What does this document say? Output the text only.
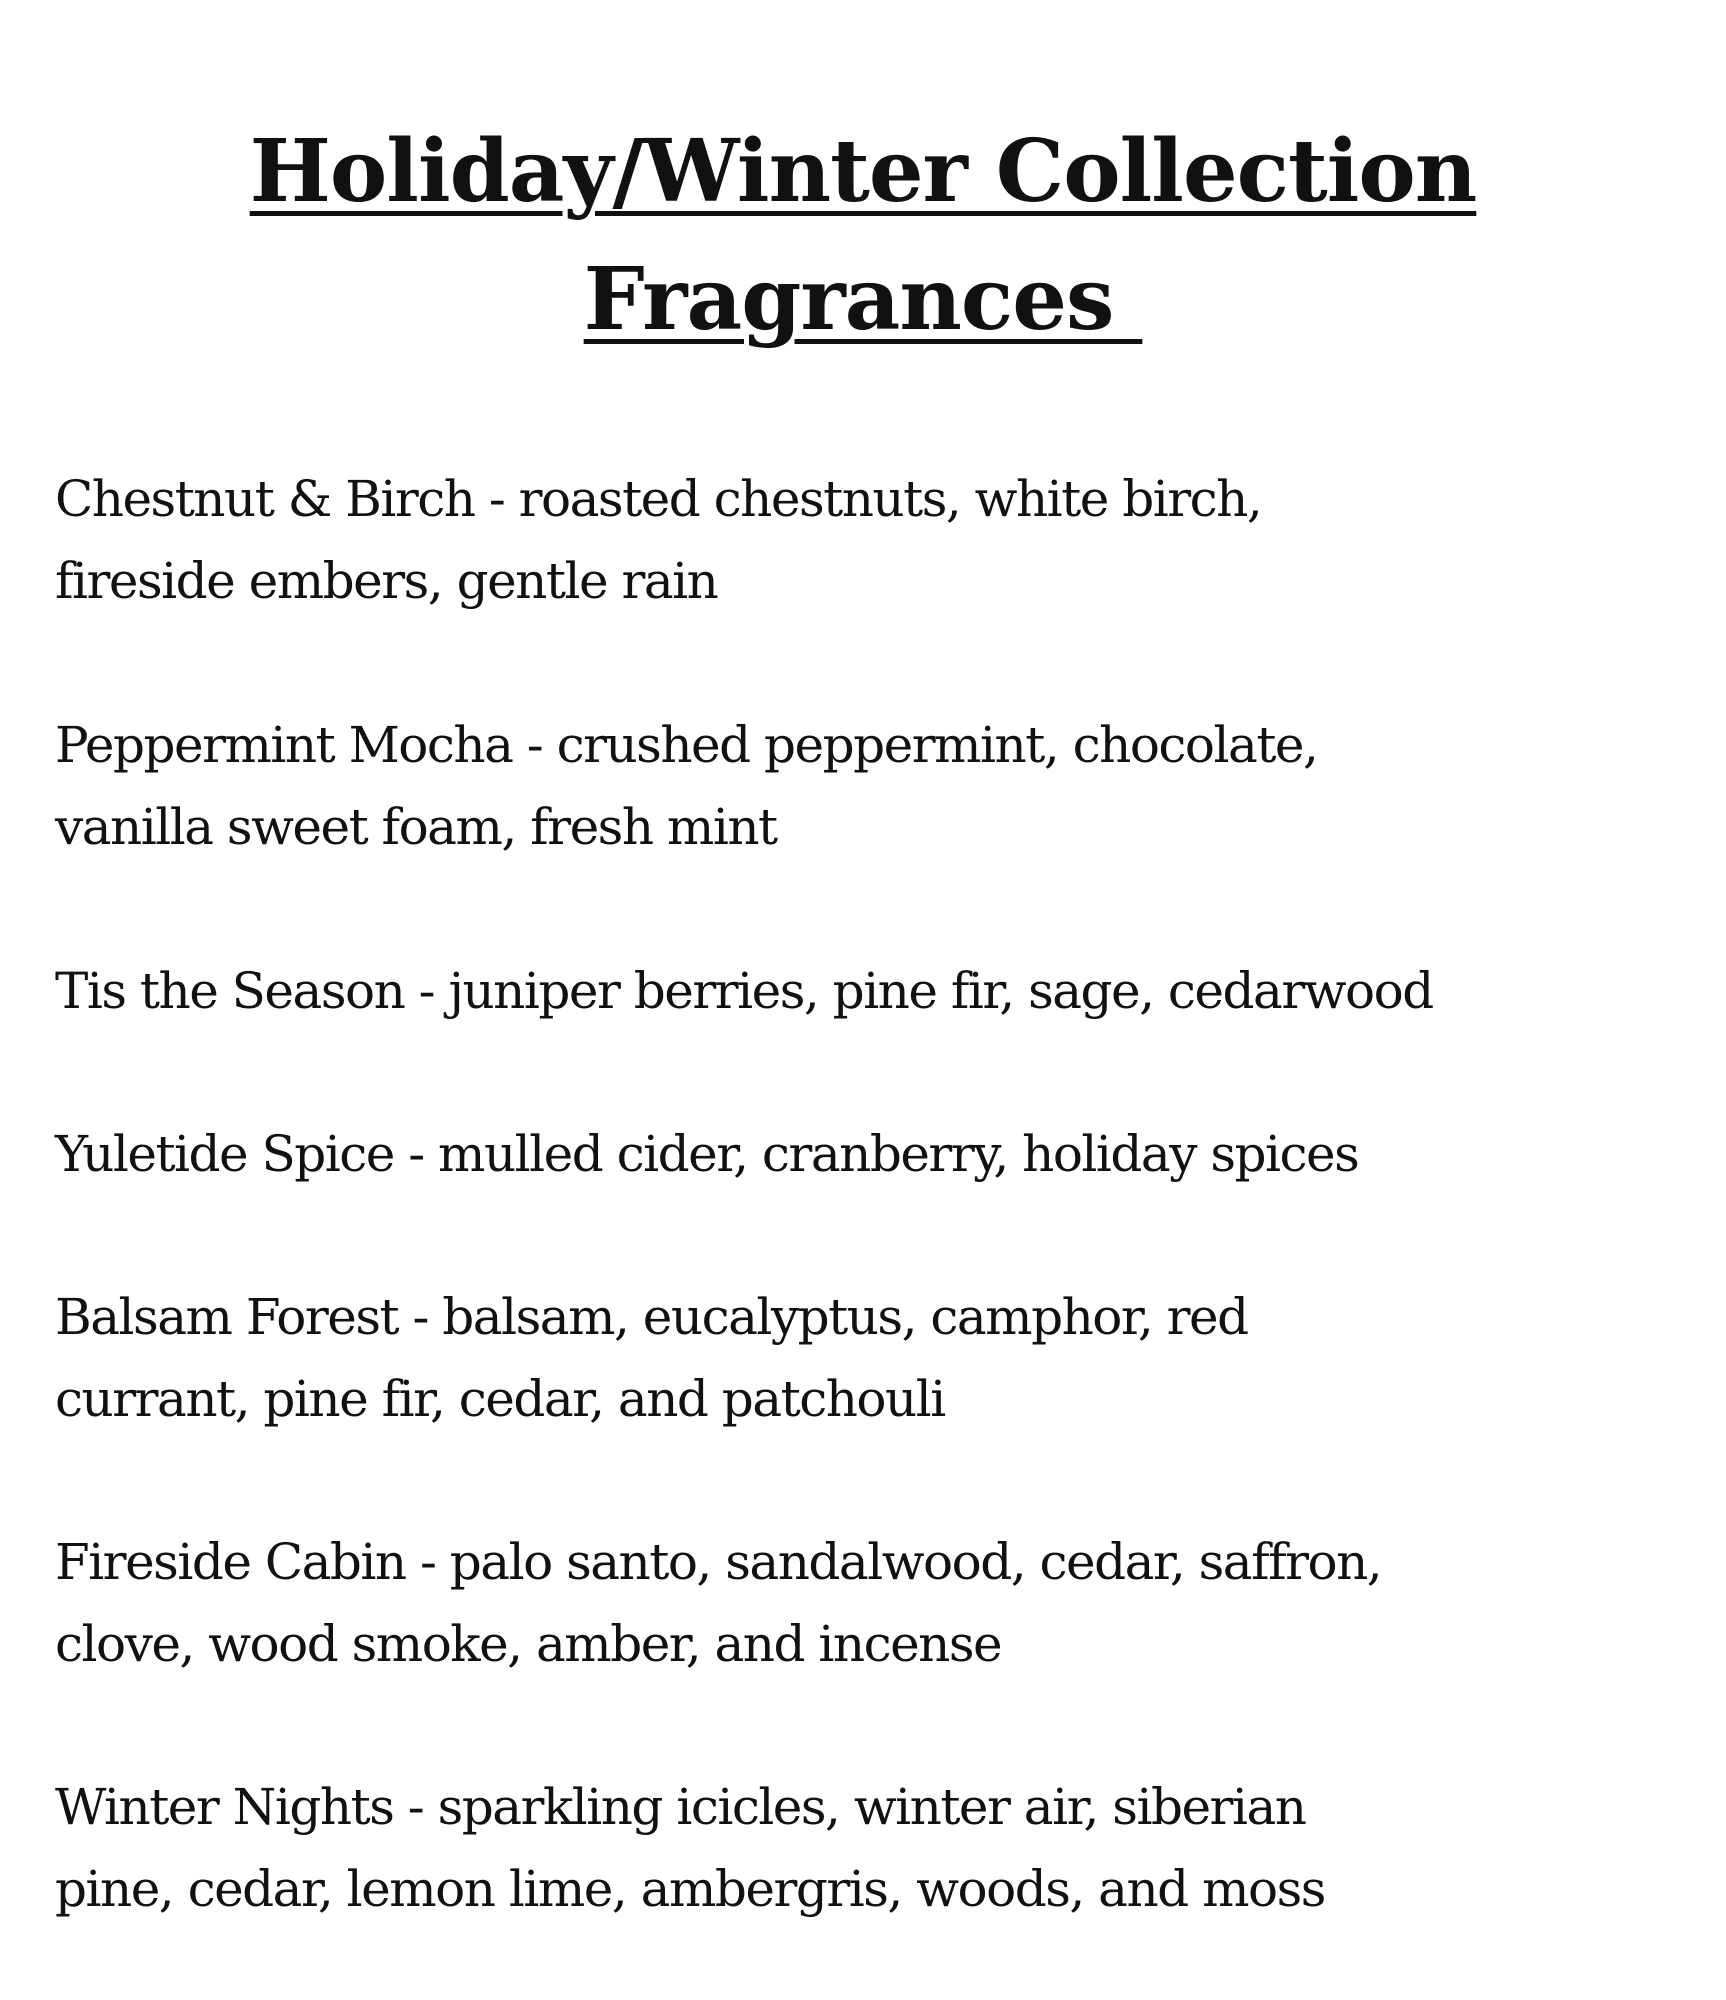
Holiday/Winter Collection
Fragrances
Chestnut & Birch - roasted chestnuts, white birch,
fireside embers, gentle rain
Peppermint Mocha - crushed peppermint, chocolate,
vanilla sweet foam, fresh mint
Tis the Season - juniper berries, pine fir, sage, cedarwood
Yuletide Spice - mulled cider, cranberry, holiday spices
Balsam Forest - balsam, eucalyptus, camphor, red
currant, pine fir, cedar, and patchouli
Fireside Cabin - palo santo, sandalwood, cedar, saffron,
clove, wood smoke, amber, and incense
Winter Nights - sparkling icicles, winter air, siberian
pine, cedar, lemon lime, ambergris, woods, and moss
